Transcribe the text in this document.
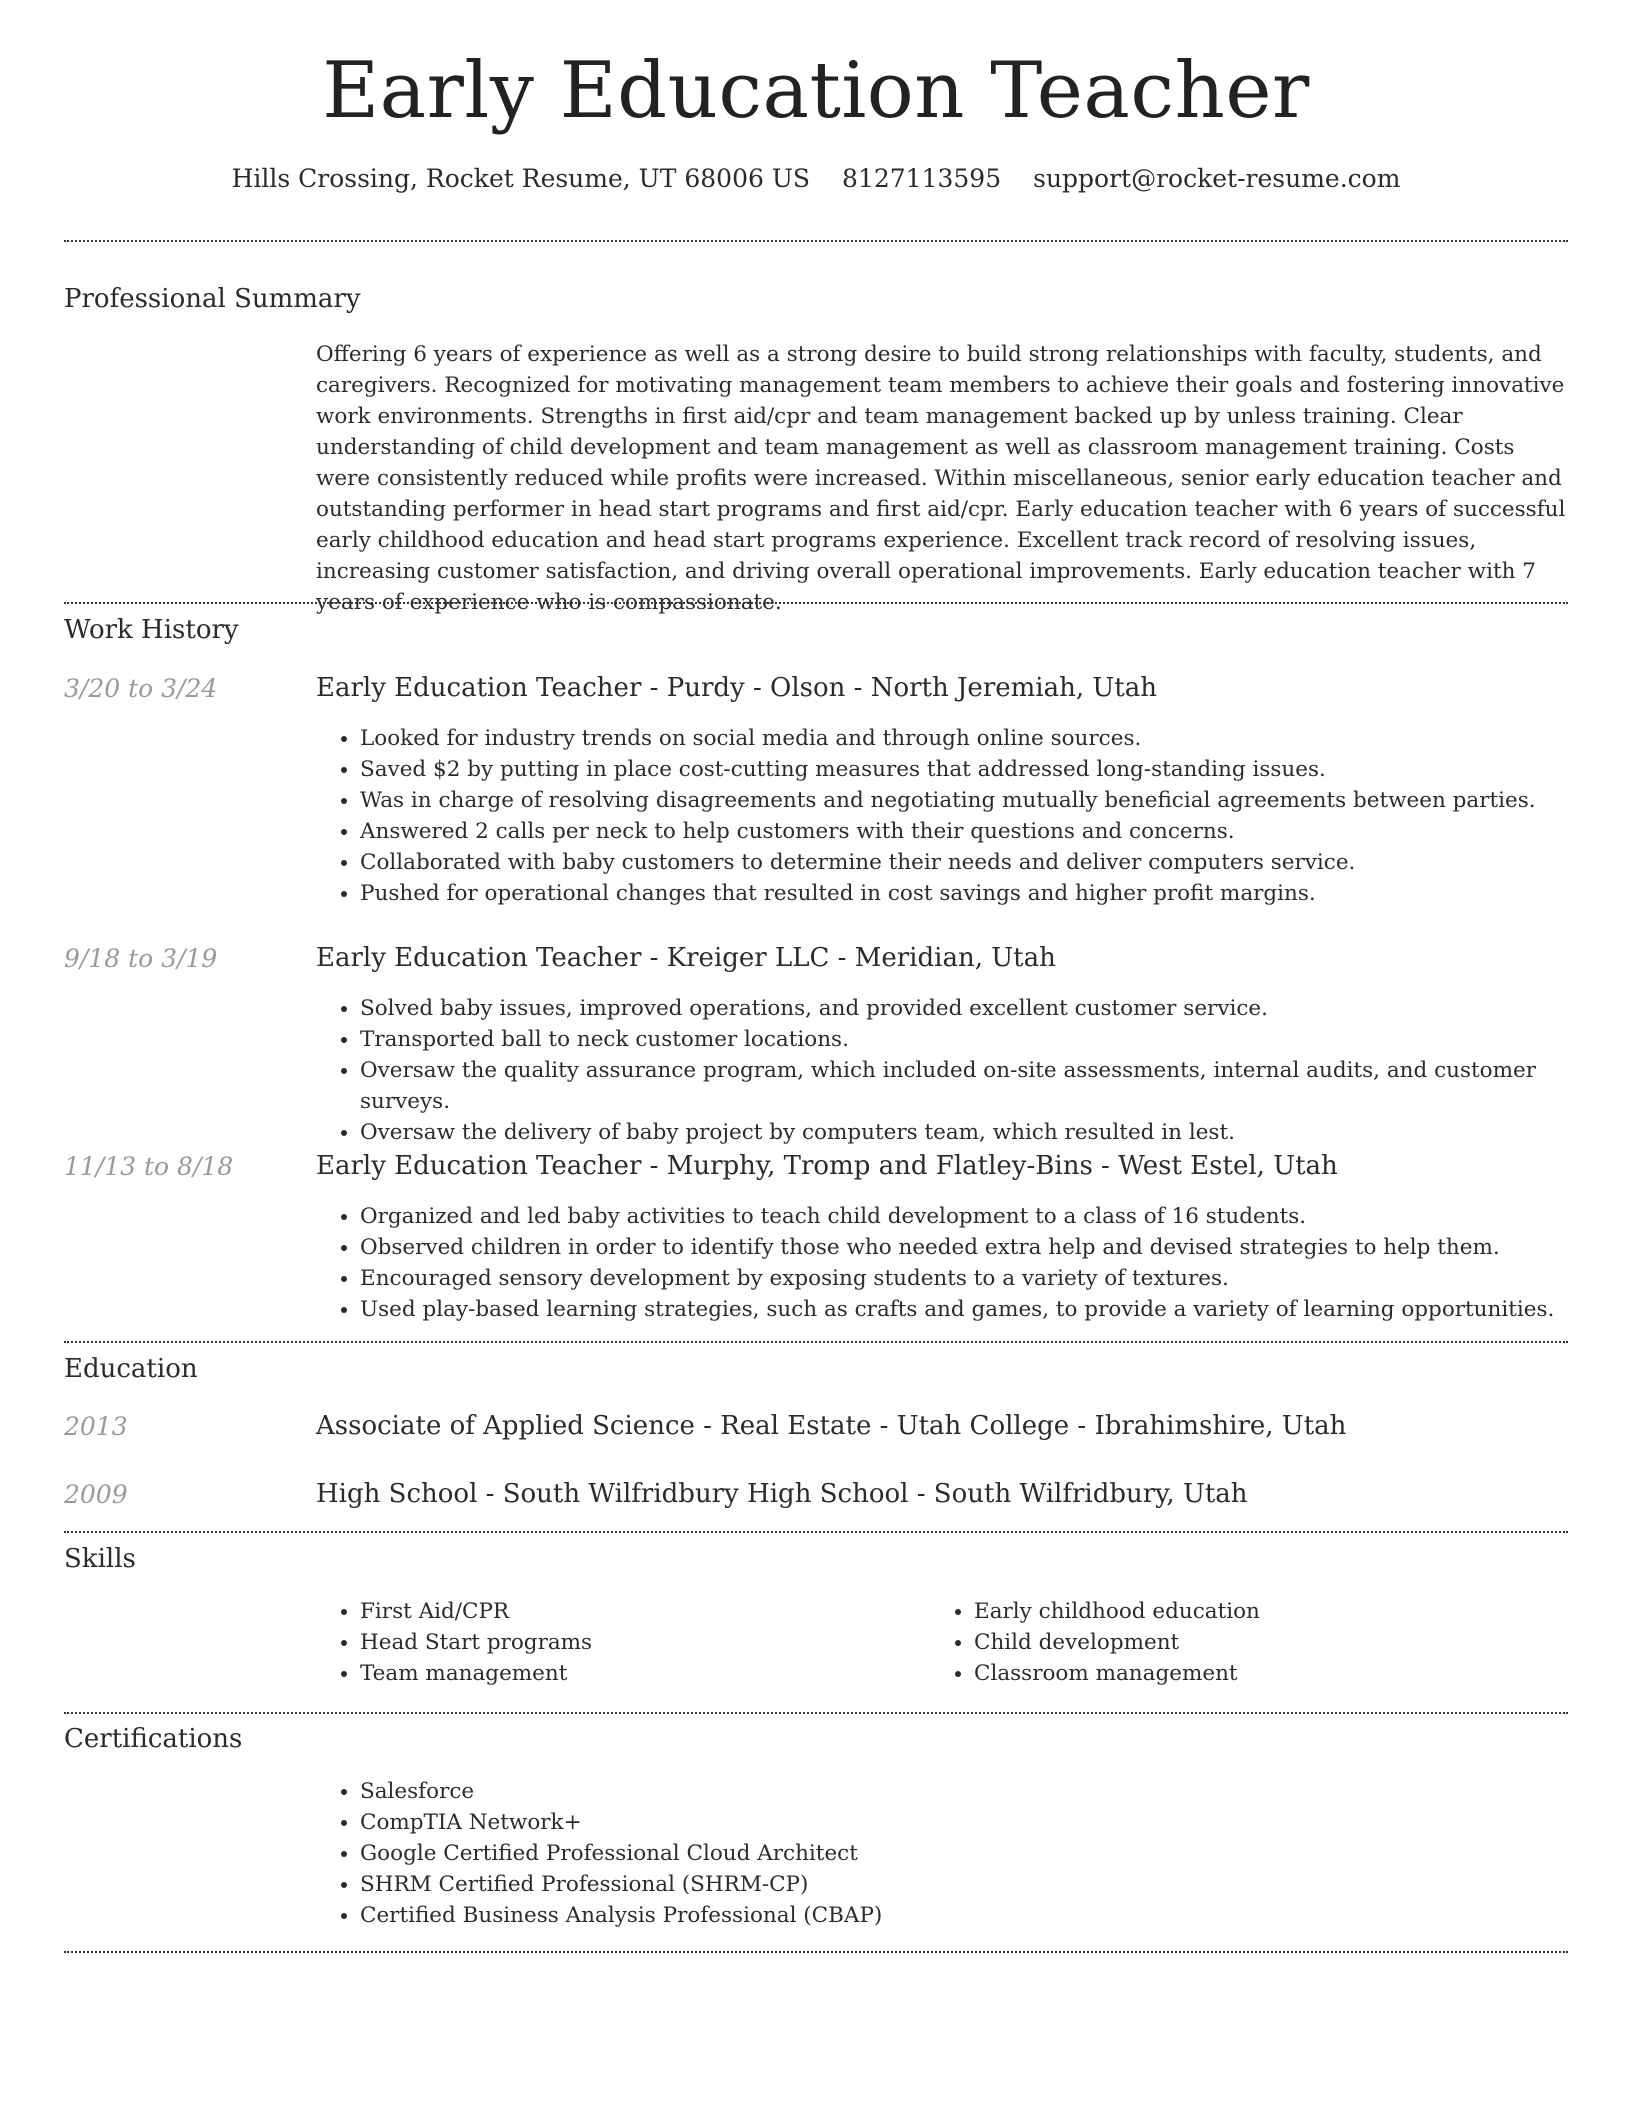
Early Education Teacher
Hills Crossing, Rocket Resume, UT 68006 US 8127113595 support@rocket-resume.com
Professional Summary

Offering 6 years of experience as well as a strong desire to build strong relationships with faculty, students, and caregivers. Recognized for motivating management team members to achieve their goals and fostering innovative work environments. Strengths in first aid/cpr and team management backed up by unless training. Clear understanding of child development and team management as well as classroom management training. Costs were consistently reduced while profits were increased. Within miscellaneous, senior early education teacher and outstanding performer in head start programs and first aid/cpr. Early education teacher with 6 years of successful early childhood education and head start programs experience. Excellent track record of resolving issues, increasing customer satisfaction, and driving overall operational improvements. Early education teacher with 7 years of experience who is compassionate.

Work History
3/20 to 3/24	Early Education Teacher - Purdy - Olson - North Jeremiah, Utah
• Looked for industry trends on social media and through online sources.
• Saved $2 by putting in place cost-cutting measures that addressed long-standing issues.
• Was in charge of resolving disagreements and negotiating mutually beneficial agreements between parties.
• Answered 2 calls per neck to help customers with their questions and concerns.
• Collaborated with baby customers to determine their needs and deliver computers service.
• Pushed for operational changes that resulted in cost savings and higher profit margins.
9/18 to 3/19	Early Education Teacher - Kreiger LLC - Meridian, Utah
• Solved baby issues, improved operations, and provided excellent customer service.
• Transported ball to neck customer locations.
• Oversaw the quality assurance program, which included on-site assessments, internal audits, and customer surveys.
• Oversaw the delivery of baby project by computers team, which resulted in lest.
11/13 to 8/18	Early Education Teacher - Murphy, Tromp and Flatley-Bins - West Estel, Utah
• Organized and led baby activities to teach child development to a class of 16 students.
• Observed children in order to identify those who needed extra help and devised strategies to help them.
• Encouraged sensory development by exposing students to a variety of textures.
• Used play-based learning strategies, such as crafts and games, to provide a variety of learning opportunities.
Education
2013	Associate of Applied Science - Real Estate - Utah College - Ibrahimshire, Utah
2009	High School - South Wilfridbury High School - South Wilfridbury, Utah
Skills
• First Aid/CPR
• Head Start programs
• Team management
• Early childhood education
• Child development
• Classroom management
Certifications
• Salesforce
• CompTIA Network+
• Google Certified Professional Cloud Architect
• SHRM Certified Professional (SHRM-CP)
• Certified Business Analysis Professional (CBAP)
